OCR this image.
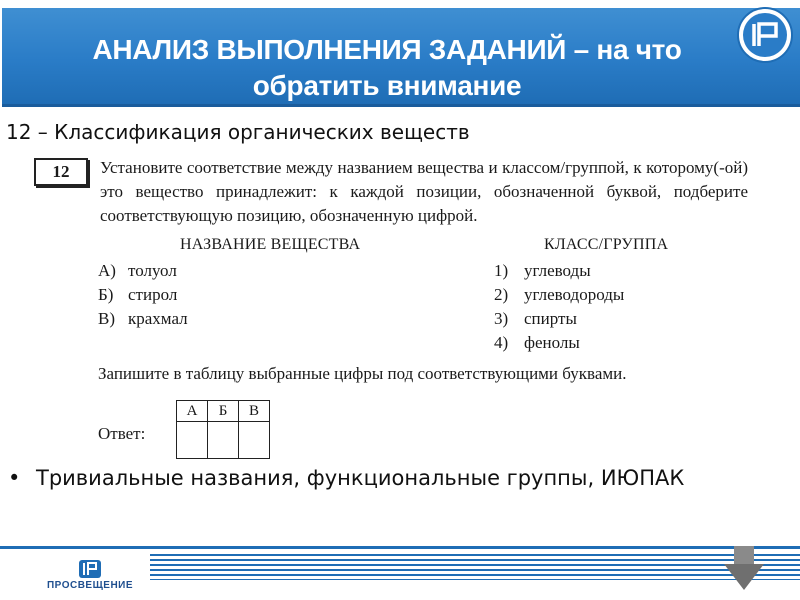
АНАЛИЗ ВЫПОЛНЕНИЯ ЗАДАНИЙ – на что обратить внимание
12 – Классификация органических веществ
12	Установите соответствие между названием вещества и классом/группой, к которому(-ой) это вещество принадлежит: к каждой позиции, обозначенной буквой, подберите соответствующую позицию, обозначенную цифрой.
НАЗВАНИЕ ВЕЩЕСТВА	КЛАСС/ГРУППА
А) толуол
Б) стирол
В) крахмал
1) углеводы
2) углеводороды
3) спирты
4) фенолы
Запишите в таблицу выбранные цифры под соответствующими буквами.
Ответ:
А	Б	В

• Тривиальные названия, функциональные группы, ИЮПАК
ПРОСВЕЩЕНИЕ
